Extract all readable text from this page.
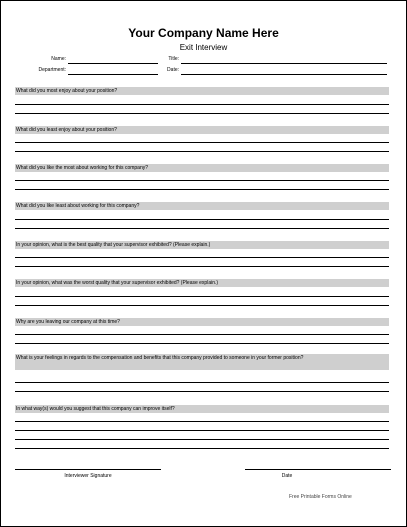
Your Company Name Here
Exit Interview
Name:	Title:
Department:	Date:
What did you most enjoy about your position?
What did you least enjoy about your position?
What did you like the most about working for this company?
What did you like least about working for this company?
In your opinion, what is the best quality that your supervisor exhibited? (Please explain.)
In your opinion, what was the worst quality that your supervisor exhibited? (Please explain.)
Why are you leaving our company at this time?
What is your feelings in regards to the compensation and benefits that this company provided to someone in your former position?
In what way(s) would you suggest that this company can improve itself?
Interviewer Signature	Date
Free Printable Forms Online
